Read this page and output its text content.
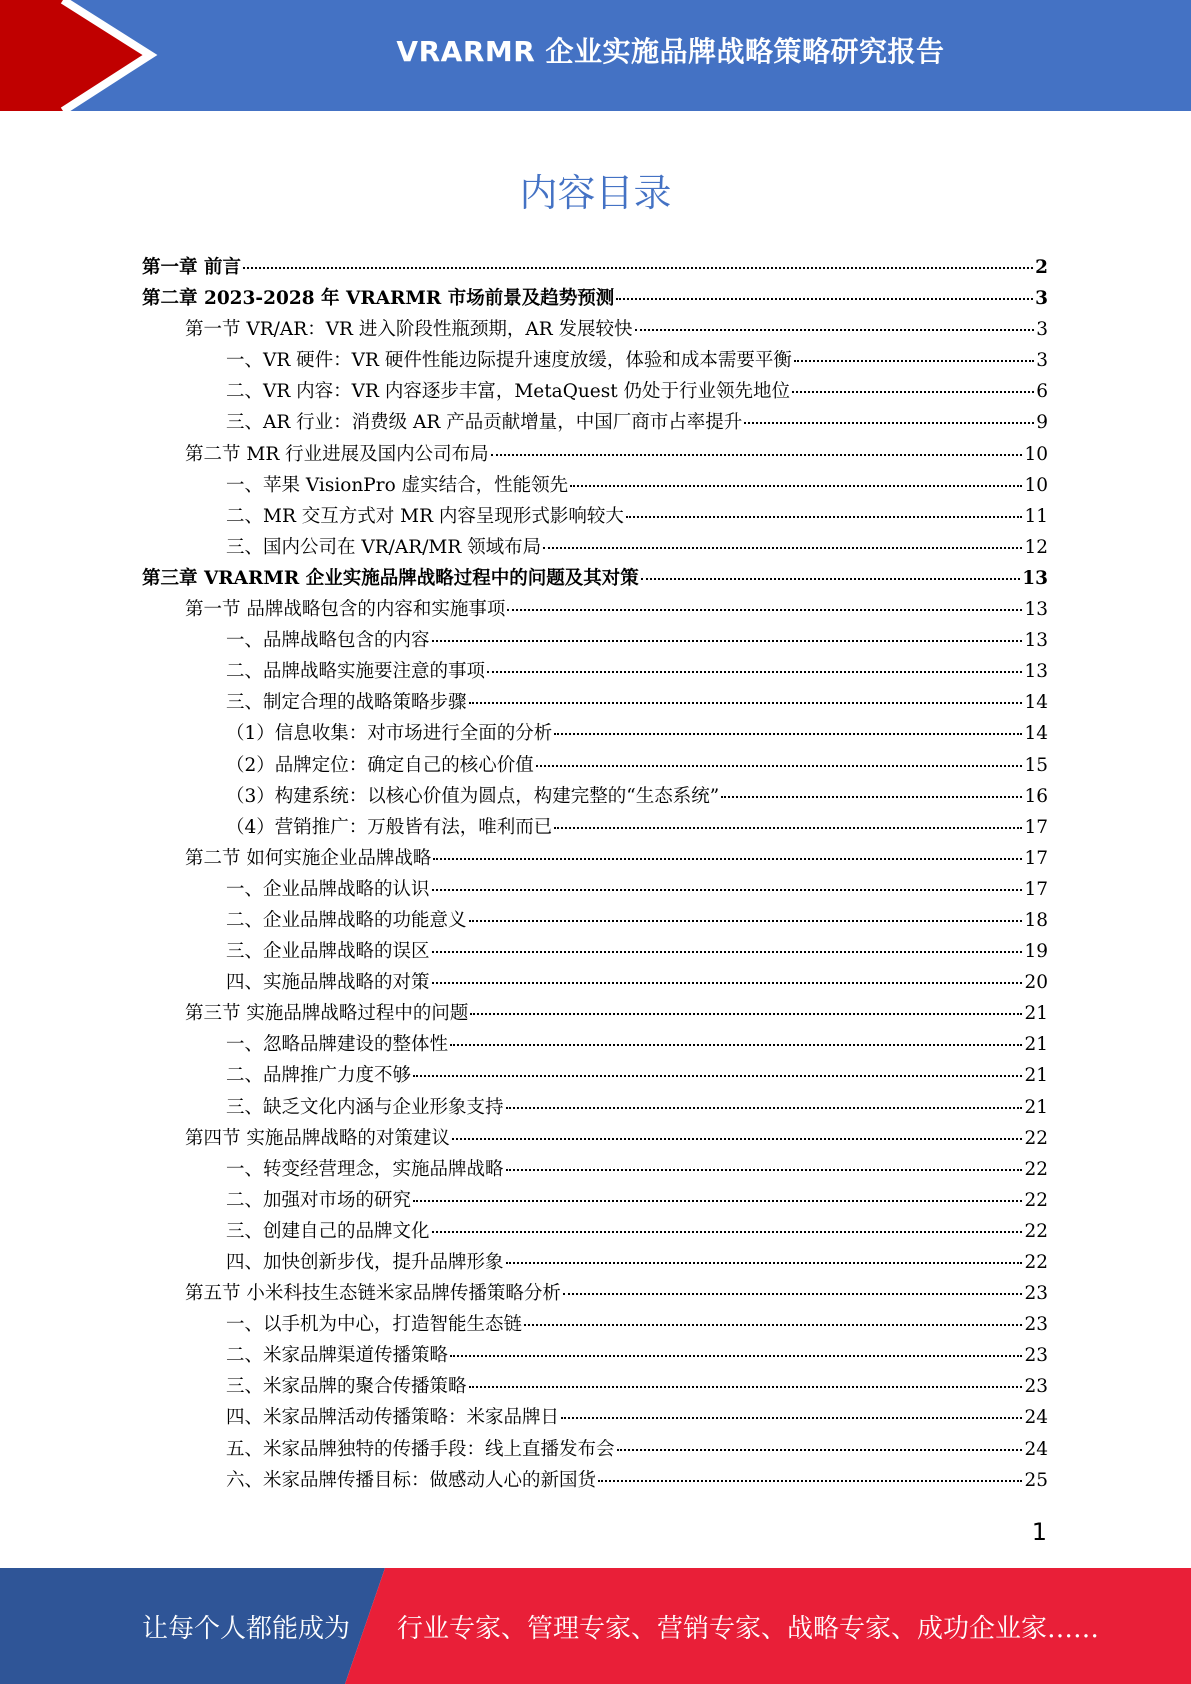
VRARMR 企业实施品牌战略策略研究报告
内容目录
第一章 前言	2
第二章 2023-2028 年 VRARMR 市场前景及趋势预测	3
第一节 VR/AR：VR 进入阶段性瓶颈期，AR 发展较快	3
一、VR 硬件：VR 硬件性能边际提升速度放缓，体验和成本需要平衡	3
二、VR 内容：VR 内容逐步丰富，MetaQuest 仍处于行业领先地位	6
三、AR 行业：消费级 AR 产品贡献增量，中国厂商市占率提升	9
第二节 MR 行业进展及国内公司布局	10
一、苹果 VisionPro 虚实结合，性能领先	10
二、MR 交互方式对 MR 内容呈现形式影响较大	11
三、国内公司在 VR/AR/MR 领域布局	12
第三章 VRARMR 企业实施品牌战略过程中的问题及其对策	13
第一节 品牌战略包含的内容和实施事项	13
一、品牌战略包含的内容	13
二、品牌战略实施要注意的事项	13
三、制定合理的战略策略步骤	14
（1）信息收集：对市场进行全面的分析	14
（2）品牌定位：确定自己的核心价值	15
（3）构建系统：以核心价值为圆点，构建完整的“生态系统”	16
（4）营销推广：万般皆有法，唯利而已	17
第二节 如何实施企业品牌战略	17
一、企业品牌战略的认识	17
二、企业品牌战略的功能意义	18
三、企业品牌战略的误区	19
四、实施品牌战略的对策	20
第三节 实施品牌战略过程中的问题	21
一、忽略品牌建设的整体性	21
二、品牌推广力度不够	21
三、缺乏文化内涵与企业形象支持	21
第四节 实施品牌战略的对策建议	22
一、转变经营理念，实施品牌战略	22
二、加强对市场的研究	22
三、创建自己的品牌文化	22
四、加快创新步伐，提升品牌形象	22
第五节 小米科技生态链米家品牌传播策略分析	23
一、以手机为中心，打造智能生态链	23
二、米家品牌渠道传播策略	23
三、米家品牌的聚合传播策略	23
四、米家品牌活动传播策略：米家品牌日	24
五、米家品牌独特的传播手段：线上直播发布会	24
六、米家品牌传播目标：做感动人心的新国货	25
1
让每个人都能成为 行业专家、管理专家、营销专家、战略专家、成功企业家……
